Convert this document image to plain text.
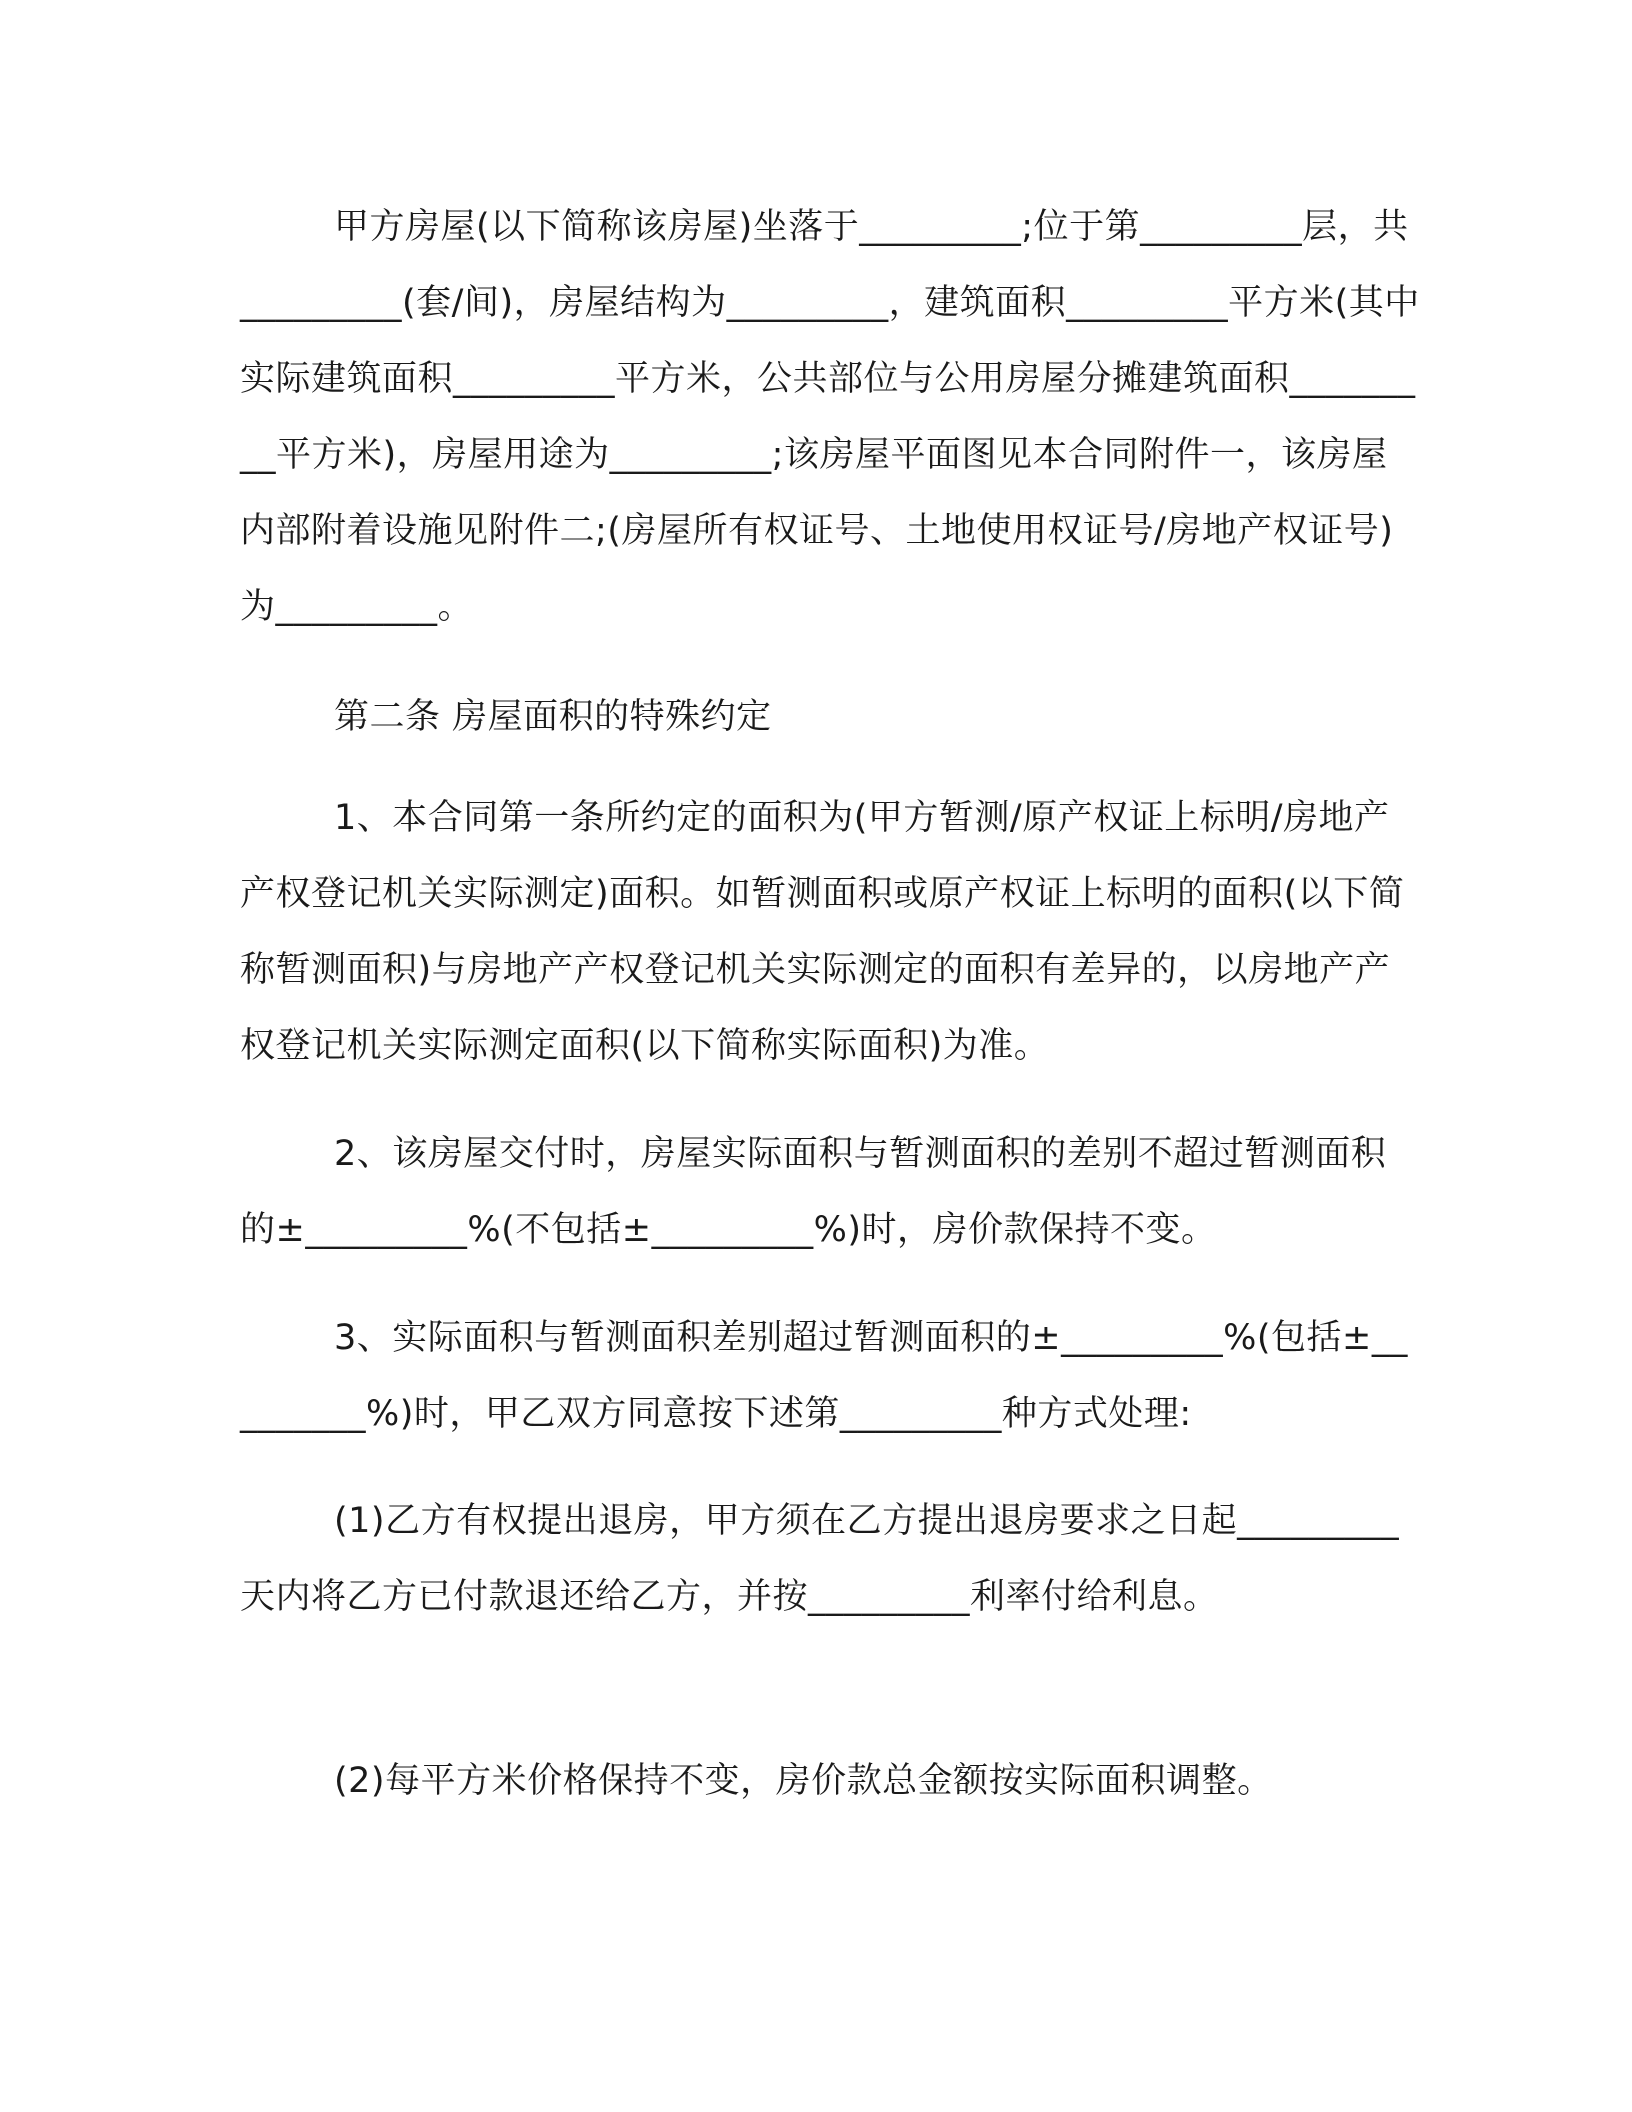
甲方房屋(以下简称该房屋)坐落于_________;位于第_________层，共_________(套/间)，房屋结构为_________，建筑面积_________平方米(其中实际建筑面积_________平方米，公共部位与公用房屋分摊建筑面积_________平方米)，房屋用途为_________;该房屋平面图见本合同附件一，该房屋内部附着设施见附件二;(房屋所有权证号、土地使用权证号/房地产权证号)为_________。

第二条 房屋面积的特殊约定

1、本合同第一条所约定的面积为(甲方暂测/原产权证上标明/房地产产权登记机关实际测定)面积。如暂测面积或原产权证上标明的面积(以下简称暂测面积)与房地产产权登记机关实际测定的面积有差异的，以房地产产权登记机关实际测定面积(以下简称实际面积)为准。

2、该房屋交付时，房屋实际面积与暂测面积的差别不超过暂测面积的±_________%(不包括±_________%)时，房价款保持不变。

3、实际面积与暂测面积差别超过暂测面积的±_________%(包括±_________%)时，甲乙双方同意按下述第_________种方式处理:

(1)乙方有权提出退房，甲方须在乙方提出退房要求之日起_________天内将乙方已付款退还给乙方，并按_________利率付给利息。

(2)每平方米价格保持不变，房价款总金额按实际面积调整。
